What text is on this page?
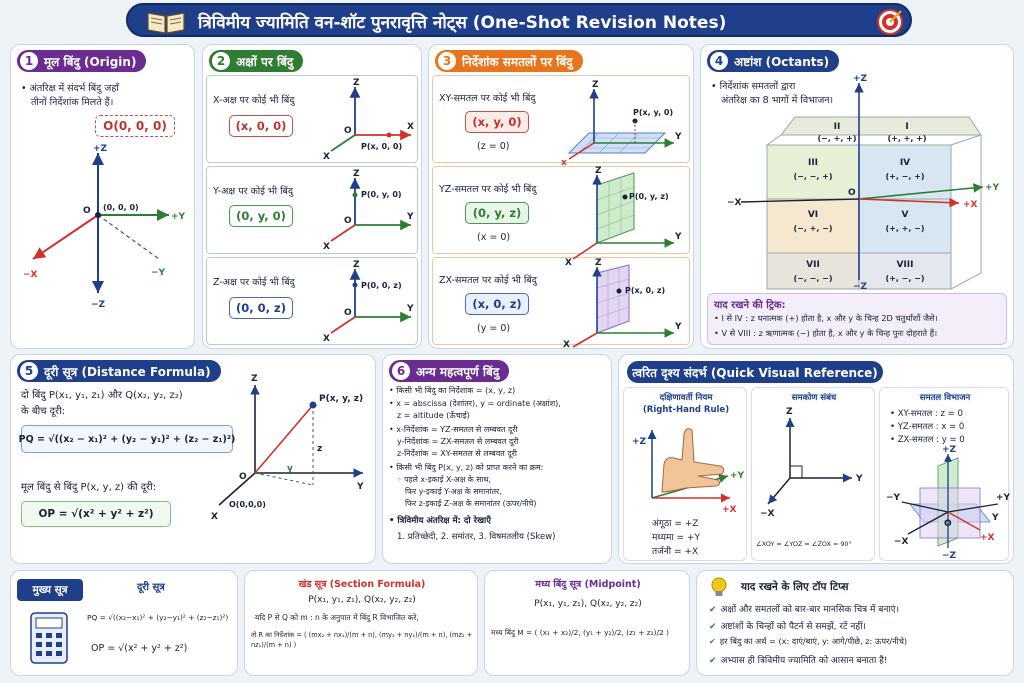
त्रिविमीय ज्यामिति वन-शॉट पुनरावृत्ति नोट्स (One-Shot Revision Notes)
1 मूल बिंदु (Origin)
• अंतरिक्ष में संदर्भ बिंदु जहाँ
तीनों निर्देशांक मिलते हैं।
O(0, 0, 0)
+Z
−Z
+Y
−Y
−X
O (0, 0, 0)
2 अक्षों पर बिंदु
X-अक्ष पर कोई भी बिंदु
(x, 0, 0)
Y-अक्ष पर कोई भी बिंदु
(0, y, 0)
Z-अक्ष पर कोई भी बिंदु
(0, 0, z)
Z
X
O
X
P(x, 0, 0)
Z
Y
O
X
P(0, y, 0)
Z
Y
O
X
P(0, 0, z)
3 निर्देशांक समतलों पर बिंदु
XY-समतल पर कोई भी बिंदु
(x, y, 0)
(z = 0)
YZ-समतल पर कोई भी बिंदु
(0, y, z)
(x = 0)
ZX-समतल पर कोई भी बिंदु
(x, 0, z)
(y = 0)
Z
Y
x
P(x, y, 0)
Z
Y
X
P(0, y, z)
Z
Y
X
P(x, 0, z)
4 अष्टांश (Octants)
• निर्देशांक समतलों द्वारा
अंतरिक्ष का 8 भागों में विभाजन।
+Z
−Z
−X	+X
+Y
O
II
(−, +, +)
I
(+, +, +)
III
(−, −, +)
IV
(+, −, +)
VI
(−, +, −)
V
(+, +, −)
VII
(−, −, −)
VIII
(+, −, −)
याद रखने की ट्रिक:
• I से IV : z धनात्मक (+) होता है, x और y के चिन्ह 2D चतुर्थांशों जैसे।
• V से VIII : z ऋणात्मक (−) होता है, x और y के चिन्ह पुनः दोहराते हैं।
5 दूरी सूत्र (Distance Formula)
दो बिंदु P(x₁, y₁, z₁) और Q(x₂, y₂, z₂)
के बीच दूरी:
PQ = √((x₂ − x₁)² + (y₂ − y₁)² + (z₂ − z₁)²)
मूल बिंदु से बिंदु P(x, y, z) की दूरी:
OP = √(x² + y² + z²)
Z
Y
X
O
O(0,0,0)
P(x, y, z)
z
y
6 अन्य महत्वपूर्ण बिंदु
• किसी भी बिंदु का निर्देशांक = (x, y, z)
• x = abscissa (देशांतर), y = ordinate (अक्षांश),
z = altitude (ऊँचाई)
• x-निर्देशांक = YZ-समतल से लम्बवत दूरी
y-निर्देशांक = ZX-समतल से लम्बवत दूरी
z-निर्देशांक = XY-समतल से लम्बवत दूरी
• किसी भी बिंदु P(x, y, z) को प्राप्त करने का क्रम:
◦ पहले x-इकाई X-अक्ष के साथ,
फिर y-इकाई Y-अक्ष के समानांतर,
फिर z-इकाई Z-अक्ष के समानांतर (ऊपर/नीचे)
• त्रिविमीय अंतरिक्ष में: दो रेखाएँ
1. प्रतिच्छेदी, 2. समांतर, 3. विषमतलीय (Skew)
त्वरित दृश्य संदर्भ (Quick Visual Reference)
दक्षिणावर्ती नियम
(Right-Hand Rule)
+Z
+Y
+X
अंगूठा = +Z
मध्यमा = +Y
तर्जनी = +X
समकोण संबंध
Z
Y
−X
∠XOY = ∠YOZ = ∠ZOX = 90°
समतल विभाजन
• XY-समतल : z = 0
• YZ-समतल : x = 0
• ZX-समतल : y = 0
+Z
−Z
+Y
−Y
+X
−X
O
Y
मुख्य सूत्र	दूरी सूत्र
PQ = √((x₂−x₁)² + (y₂−y₁)² + (z₂−z₁)²)
OP = √(x² + y² + z²)
खंड सूत्र (Section Formula)
P(x₁, y₁, z₁), Q(x₂, y₂, z₂)
यदि P से Q को m : n के अनुपात में बिंदु R विभाजित करे,
तो R का निर्देशांक = ( (mx₂ + nx₁)/(m + n), (my₂ + ny₁)/(m + n), (mz₂ + nz₁)/(m + n) )
मध्य बिंदु सूत्र (Midpoint)
P(x₁, y₁, z₁), Q(x₂, y₂, z₂)
मध्य बिंदु M = ( (x₁ + x₂)/2, (y₁ + y₂)/2, (z₁ + z₂)/2 )
याद रखने के लिए टॉप टिप्स
✔ अक्षों और समतलों को बार-बार मानसिक चित्र में बनाएं।
✔ अष्टांशों के चिन्हों को पैटर्न से समझें, रटें नहीं।
✔ हर बिंदु का अर्थ = (x: दाएं/बाएं, y: आगे/पीछे, z: ऊपर/नीचे)
✔ अभ्यास ही त्रिविमीय ज्यामिति को आसान बनाता है!
